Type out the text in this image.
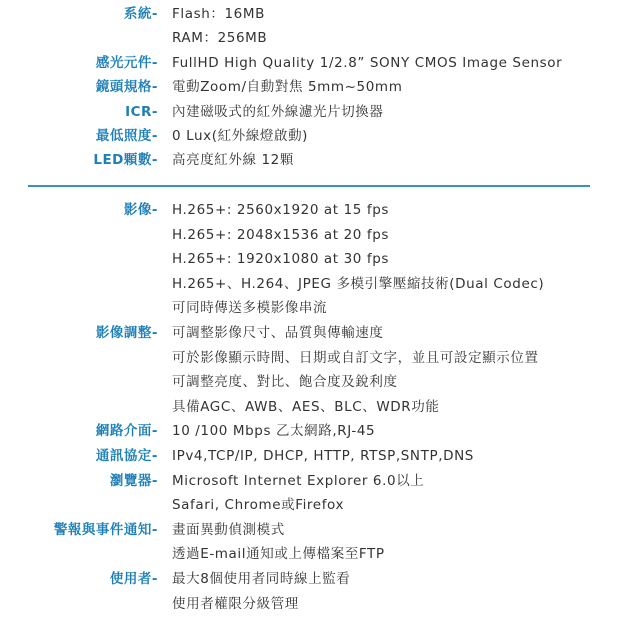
系統- Flash：16MB
RAM：256MB
感光元件- FullHD High Quality 1/2.8” SONY CMOS Image Sensor
鏡頭規格- 電動Zoom/自動對焦 5mm~50mm
ICR- 內建磁吸式的紅外線濾光片切換器
最低照度- 0 Lux(紅外線燈啟動)
LED顆數- 高亮度紅外線 12顆
影像- H.265+: 2560x1920 at 15 fps
H.265+: 2048x1536 at 20 fps
H.265+: 1920x1080 at 30 fps
H.265+、H.264、JPEG 多模引擎壓縮技術(Dual Codec)
可同時傳送多模影像串流
影像調整- 可調整影像尺寸、品質與傳輸速度
可於影像顯示時間、日期或自訂文字，並且可設定顯示位置
可調整亮度、對比、飽合度及銳利度
具備AGC、AWB、AES、BLC、WDR功能
網路介面- 10 /100 Mbps 乙太網路,RJ-45
通訊協定- IPv4,TCP/IP, DHCP, HTTP, RTSP,SNTP,DNS
瀏覽器- Microsoft Internet Explorer 6.0以上
Safari, Chrome或Firefox
警報與事件通知- 畫面異動偵測模式
透過E-mail通知或上傳檔案至FTP
使用者- 最大8個使用者同時線上監看
使用者權限分級管理
